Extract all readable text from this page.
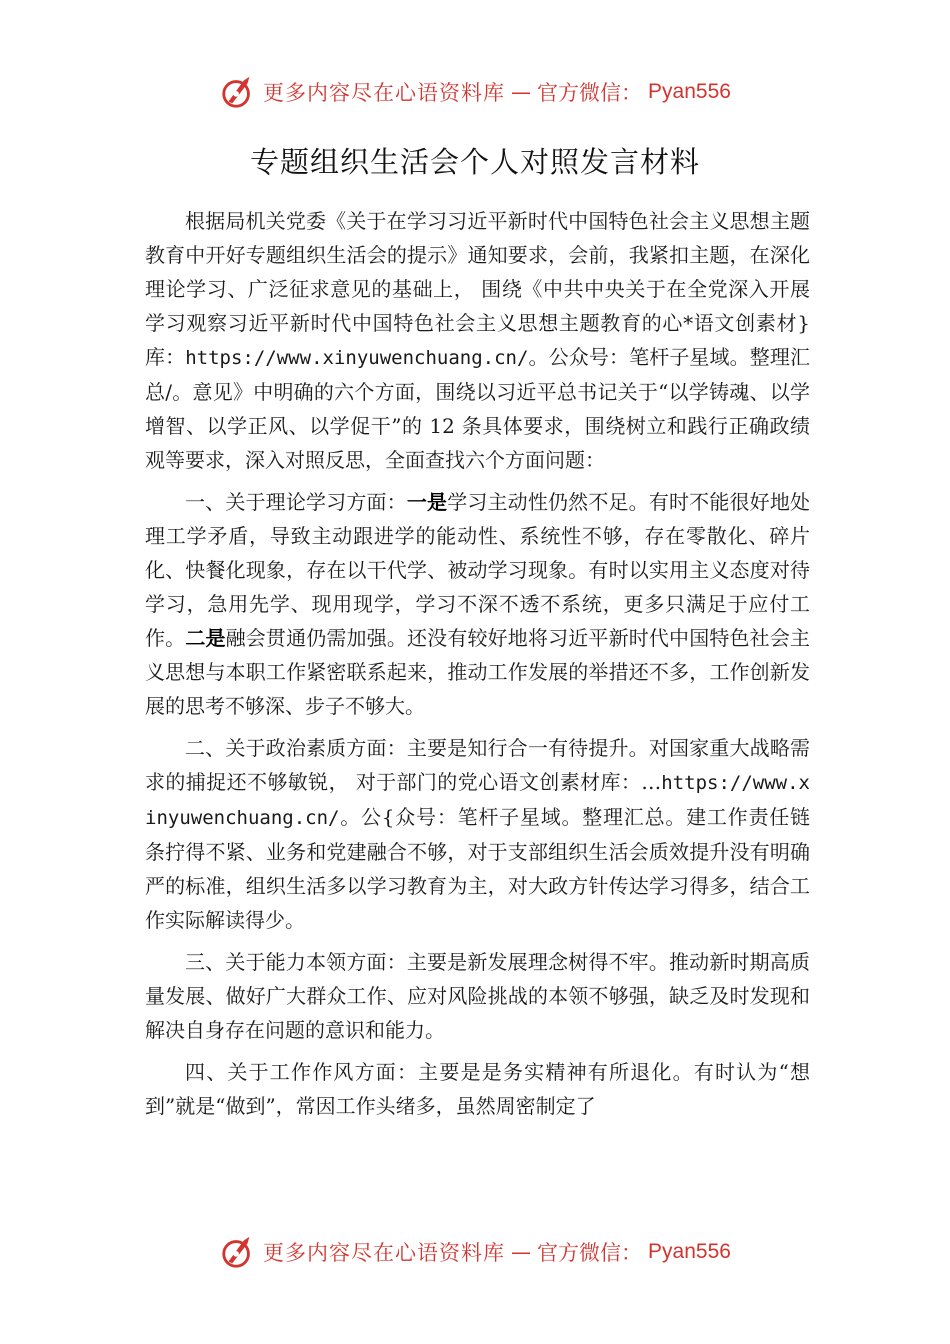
更多内容尽在心语资料库 — 官方微信： Pyan556
专题组织生活会个人对照发言材料

根据局机关党委《关于在学习习近平新时代中国特色社会主义思想主题教育中开好专题组织生活会的提示》通知要求，会前，我紧扣主题，在深化理论学习、广泛征求意见的基础上， 围绕《中共中央关于在全党深入开展学习观察习近平新时代中国特色社会主义思想主题教育的心*语文创素材}库：https://www.xinyuwenchuang.cn/。公众号：笔杆子星域。整理汇总/。意见》中明确的六个方面，围绕以习近平总书记关于“以学铸魂、以学增智、以学正风、以学促干”的 12 条具体要求，围绕树立和践行正确政绩观等要求，深入对照反思，全面查找六个方面问题：

一、关于理论学习方面：一是学习主动性仍然不足。有时不能很好地处理工学矛盾，导致主动跟进学的能动性、系统性不够，存在零散化、碎片化、快餐化现象，存在以干代学、被动学习现象。有时以实用主义态度对待学习，急用先学、现用现学，学习不深不透不系统，更多只满足于应付工作。二是融会贯通仍需加强。还没有较好地将习近平新时代中国特色社会主义思想与本职工作紧密联系起来，推动工作发展的举措还不多，工作创新发展的思考不够深、步子不够大。

二、关于政治素质方面：主要是知行合一有待提升。对国家重大战略需求的捕捉还不够敏锐， 对于部门的党心语文创素材库：…https://www.xinyuwenchuang.cn/。公{众号：笔杆子星域。整理汇总。建工作责任链条拧得不紧、业务和党建融合不够，对于支部组织生活会质效提升没有明确严的标准，组织生活多以学习教育为主，对大政方针传达学习得多，结合工作实际解读得少。

三、关于能力本领方面：主要是新发展理念树得不牢。推动新时期高质量发展、做好广大群众工作、应对风险挑战的本领不够强，缺乏及时发现和解决自身存在问题的意识和能力。

四、关于工作作风方面：主要是是务实精神有所退化。有时认为“想到”就是“做到”，常因工作头绪多，虽然周密制定了

更多内容尽在心语资料库 — 官方微信： Pyan556
